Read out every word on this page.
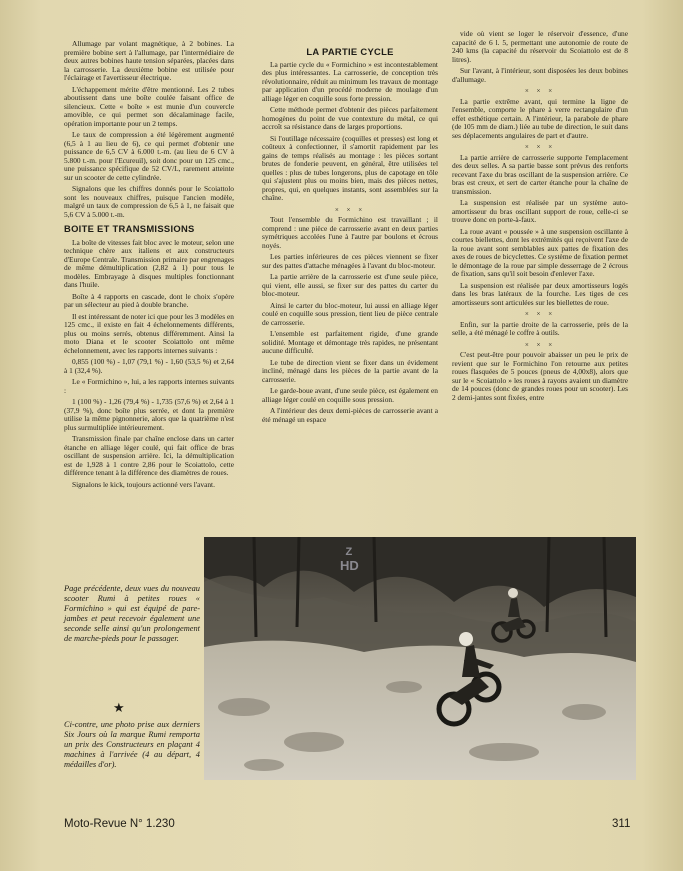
Allumage par volant magnétique, à 2 bobines. La première bobine sert à l'allumage, par l'intermédiaire de deux autres bobines haute tension séparées, placées dans la carrosserie. La deuxième bobine est utilisée pour l'éclairage et l'avertisseur électrique.

L'échappement mérite d'être mentionné. Les 2 tubes aboutissent dans une boîte coulée faisant office de silencieux. Cette « boîte » est munie d'un couvercle amovible, ce qui permet son décalaminage facile, opération importante pour un 2 temps.

Le taux de compression a été légèrement augmenté (6,5 à 1 au lieu de 6), ce qui permet d'obtenir une puissance de 6,5 CV à 6.000 t.-m. (au lieu de 6 CV à 5.800 t.-m. pour l'Ecureuil), soit donc pour un 125 cmc., une puissance spécifique de 52 CV/L, rarement atteinte sur un scooter de cette cylindrée.

Signalons que les chiffres donnés pour le Scoiattolo sont les nouveaux chiffres, puisque l'ancien modèle, malgré un taux de compression de 6,5 à 1, ne faisait que 5,6 CV à 5.000 t.-m.

BOITE ET TRANSMISSIONS

La boîte de vitesses fait bloc avec le moteur, selon une technique chère aux italiens et aux constructeurs d'Europe Centrale. Transmission primaire par engrenages de même démultiplication (2,82 à 1) pour tous le modèles. Embrayage à disques multiples fonctionnant dans l'huile.

Boîte à 4 rapports en cascade, dont le choix s'opère par un sélecteur au pied à double branche.

Il est intéressant de noter ici que pour les 3 modèles en 125 cmc., il existe en fait 4 échelonnements différents, plus ou moins serrés, obtenus différemment. Ainsi la moto Diana et le scooter Scoiattolo ont même échelonnement, avec les rapports internes suivants :

0,855 (100 %) - 1,07 (79,1 %) - 1,60 (53,5 %) et 2,64 à 1 (32,4 %).

Le « Formichino », lui, a les rapports internes suivants :

1 (100 %) - 1,26 (79,4 %) - 1,735 (57,6 %) et 2,64 à 1 (37,9 %), donc boîte plus serrée, et dont la première utilise la même pignonnerie, alors que la quatrième n'est plus surmultipliée intérieurement.

Transmission finale par chaîne enclose dans un carter étanche en alliage léger coulé, qui fait office de bras oscillant de suspension arrière. Ici, la démultiplication est de 1,928 à 1 contre 2,86 pour le Scoiattolo, cette différence tenant à la différence des diamètres de roues.

Signalons le kick, toujours actionné vers l'avant.

LA PARTIE CYCLE

La partie cycle du « Formichino » est incontestablement des plus intéressantes. La carrosserie, de conception très révolutionnaire, réduit au minimum les travaux de montage par application d'un procédé moderne de moulage d'un alliage léger en coquille sous forte pression.

Cette méthode permet d'obtenir des pièces parfaitement homogènes du point de vue contexture du métal, ce qui accroît sa résistance dans de larges proportions.

Si l'outillage nécessaire (coquilles et presses) est long et coûteux à confectionner, il s'amortit rapidement par les gains de temps réalisés au montage : les pièces sortant brutes de fonderie peuvent, en général, être utilisées tel quelles : plus de tubes longerons, plus de capotage en tôle qui s'ajustent plus ou moins bien, mais des pièces nettes, propres, qui, en quelques instants, sont assemblées sur la chaîne.

× × ×

Tout l'ensemble du Formichino est travaillant ; il comprend : une pièce de carrosserie avant en deux parties symétriques accolées l'une à l'autre par boulons et écrous noyés.

Les parties inférieures de ces pièces viennent se fixer sur des pattes d'attache ménagées à l'avant du bloc-moteur.

La partie arrière de la carrosserie est d'une seule pièce, qui vient, elle aussi, se fixer sur des pattes du carter du bloc-moteur.

Ainsi le carter du bloc-moteur, lui aussi en alliage léger coulé en coquille sous pression, tient lieu de pièce centrale de carrosserie.

L'ensemble est parfaitement rigide, d'une grande solidité. Montage et démontage très rapides, ne présentant aucune difficulté.

Le tube de direction vient se fixer dans un évidement incliné, ménagé dans les pièces de la partie avant de la carrosserie.

Le garde-boue avant, d'une seule pièce, est également en alliage léger coulé en coquille sous pression.

A l'intérieur des deux demi-pièces de carrosserie avant a été ménagé un espace

vide où vient se loger le réservoir d'essence, d'une capacité de 6 l. 5, permettant une autonomie de route de 240 kms (la capacité du réservoir du Scoiattolo est de 8 litres).

Sur l'avant, à l'intérieur, sont disposées les deux bobines d'allumage.

× × ×

La partie extrême avant, qui termine la ligne de l'ensemble, comporte le phare à verre rectangulaire d'un effet esthétique certain. A l'intérieur, la parabole de phare (de 105 mm de diam.) liée au tube de direction, le suit dans ses déplacements angulaires de part et d'autre.

× × ×

La partie arrière de carrosserie supporte l'emplacement des deux selles. A sa partie basse sont prévus des renforts recevant l'axe du bras oscillant de la suspension arrière. Ce bras est creux, et sert de carter étanche pour la chaîne de transmission.

La suspension est réalisée par un système auto-amortisseur du bras oscillant support de roue, celle-ci se trouve donc en porte-à-faux.

La roue avant « poussée » à une suspension oscillante à courtes biellettes, dont les extrémités qui reçoivent l'axe de la roue avant sont semblables aux pattes de fixation des axes de roues de bicyclettes. Ce système de fixation permet le démontage de la roue par simple desserrage de 2 écrous de fixation, sans qu'il soit besoin d'enlever l'axe.

La suspension est réalisée par deux amortisseurs logés dans les bras latéraux de la fourche. Les tiges de ces amortisseurs sont articulées sur les biellettes de roue.

× × ×

Enfin, sur la partie droite de la carrosserie, près de la selle, a été ménagé le coffre à outils.

× × ×

C'est peut-être pour pouvoir abaisser un peu le prix de revient que sur le Formichino l'on retourne aux petites roues flasquées de 5 pouces (pneus de 4,00x8), alors que sur le « Scoiattolo » les roues à rayons avaient un diamètre de 14 pouces (donc de grandes roues pour un scooter). Les 2 demi-jantes sont fixées, entre

Z
HD
Page précédente, deux vues du nouveau scooter Rumi à petites roues « Formichino » qui est équipé de pare-jambes et peut recevoir également une seconde selle ainsi qu'un prolongement de marche-pieds pour le passager.
★
Ci-contre, une photo prise aux derniers Six Jours où la marque Rumi remporta un prix des Constructeurs en plaçant 4 machines à l'arrivée (4 au départ, 4 médailles d'or).
Moto-Revue N° 1.230	311
